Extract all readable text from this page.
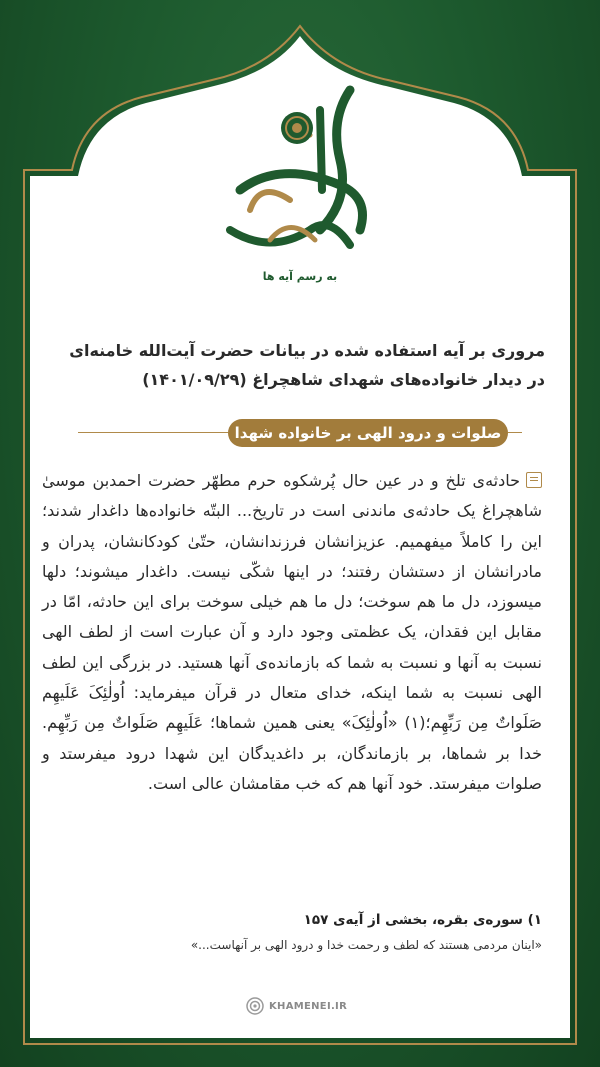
به رسم آیه ها
مروری بر آیه استفاده شده در بیانات حضرت آیت‌الله خامنه‌ای
در دیدار خانواده‌های شهدای شاهچراغ (۱۴۰۱/۰۹/۲۹)
صلوات و درود الهی بر خانواده شهدا
حادثه‌ی تلخ و در عین حال پُرشکوه حرم مطهّر حضرت احمدبن موسیٰ شاهچراغ یک حادثه‌ی ماندنی است در تاریخ... البتّه خانواده‌ها داغدار شدند؛ این را کاملاً میفهمیم. عزیزانشان فرزندانشان، حتّیٰ کودکانشان، پدران و مادرانشان از دستشان رفتند؛ در اینها شکّی نیست. داغدار میشوند؛ دلها میسوزد، دل ما هم سوخت؛ دل ما هم خیلی سوخت برای این حادثه، امّا در مقابل این فقدان، یک عظمتی وجود دارد و آن عبارت است از لطف الهی نسبت به آنها و نسبت به شما که بازمانده‌ی آنها هستید. در بزرگی این لطف الهی نسبت به شما اینکه، خدای متعال در قرآن میفرماید: اُولٰئِکَ عَلَیهِم صَلَواتٌ مِن رَبِّهِم؛(۱) «اُولٰئِکَ» یعنی همین شماها؛ عَلَیهِم صَلَواتٌ مِن رَبِّهِم. خدا بر شماها، بر بازماندگان، بر داغدیدگان این شهدا درود میفرستد و صلوات میفرستد. خود آنها هم که خب مقامشان عالی است.
۱) سوره‌ی بقره، بخشی از آیه‌ی ۱۵۷
«اینان مردمی هستند که لطف و رحمت خدا و درود الهی بر آنهاست...»
KHAMENEI.IR
